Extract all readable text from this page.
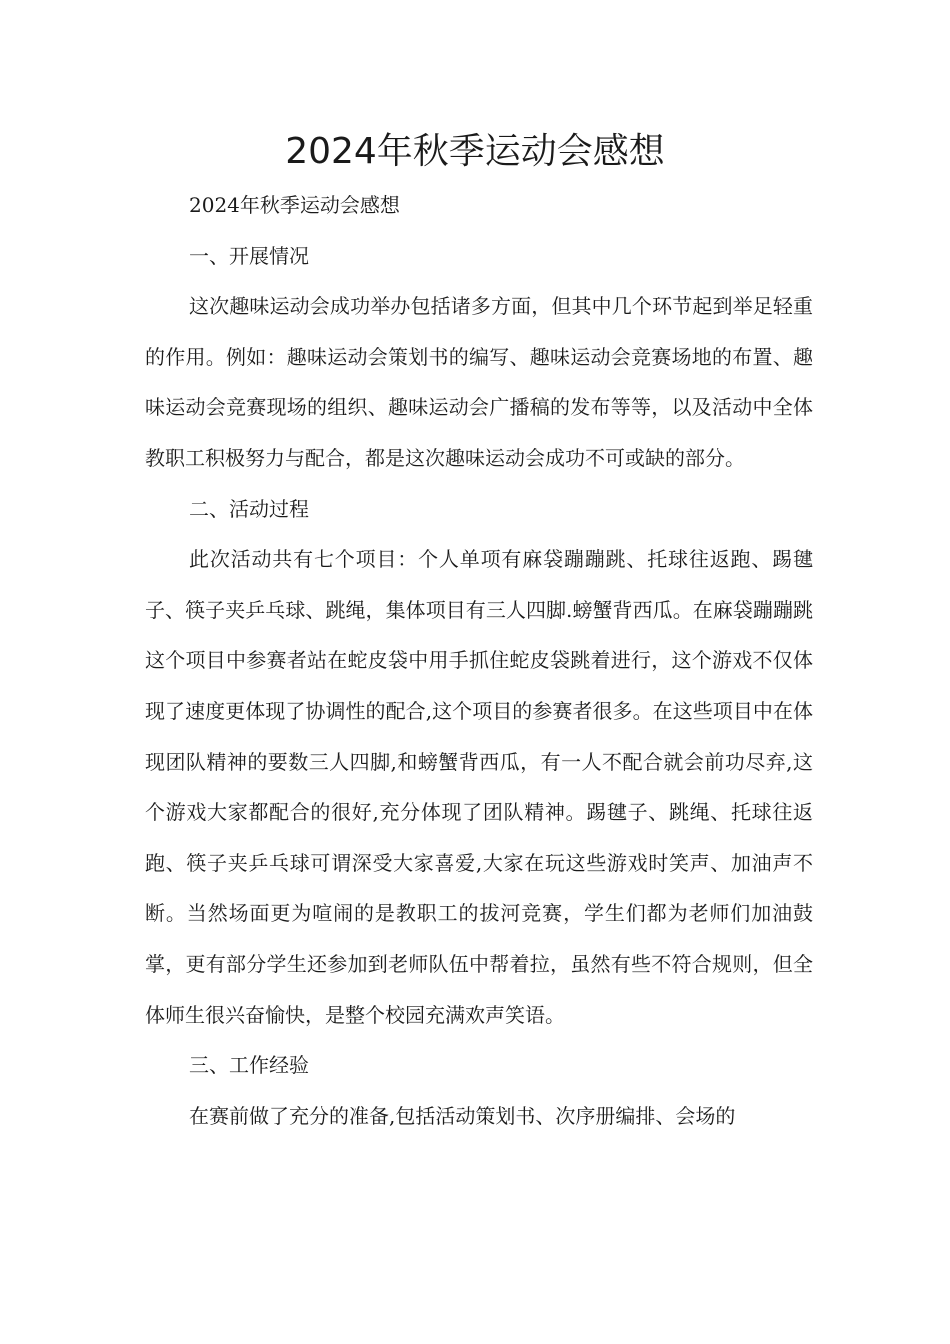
2024年秋季运动会感想

2024年秋季运动会感想

一、开展情况

这次趣味运动会成功举办包括诸多方面，但其中几个环节起到举足轻重的作用。例如：趣味运动会策划书的编写、趣味运动会竞赛场地的布置、趣味运动会竞赛现场的组织、趣味运动会广播稿的发布等等，以及活动中全体教职工积极努力与配合，都是这次趣味运动会成功不可或缺的部分。

二、活动过程

此次活动共有七个项目：个人单项有麻袋蹦蹦跳、托球往返跑、踢毽子、筷子夹乒乓球、跳绳，集体项目有三人四脚.螃蟹背西瓜。在麻袋蹦蹦跳这个项目中参赛者站在蛇皮袋中用手抓住蛇皮袋跳着进行，这个游戏不仅体现了速度更体现了协调性的配合,这个项目的参赛者很多。在这些项目中在体现团队精神的要数三人四脚,和螃蟹背西瓜，有一人不配合就会前功尽弃,这个游戏大家都配合的很好,充分体现了团队精神。踢毽子、跳绳、托球往返跑、筷子夹乒乓球可谓深受大家喜爱,大家在玩这些游戏时笑声、加油声不断。当然场面更为喧闹的是教职工的拔河竞赛，学生们都为老师们加油鼓掌，更有部分学生还参加到老师队伍中帮着拉，虽然有些不符合规则，但全体师生很兴奋愉快，是整个校园充满欢声笑语。

三、工作经验

在赛前做了充分的准备,包括活动策划书、次序册编排、会场的
